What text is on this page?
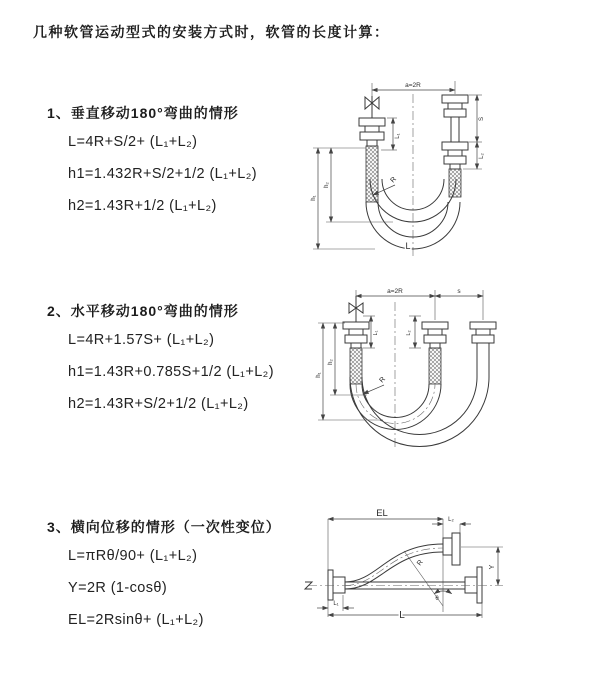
几种软管运动型式的安装方式时，软管的长度计算：
1、垂直移动180°弯曲的情形
L=4R+S/2+ (L₁+L₂)
h1=1.432R+S/2+1/2 (L₁+L₂)
h2=1.43R+1/2 (L₁+L₂)
2、水平移动180°弯曲的情形
L=4R+1.57S+ (L₁+L₂)
h1=1.43R+0.785S+1/2 (L₁+L₂)
h2=1.43R+S/2+1/2 (L₁+L₂)
3、横向位移的情形（一次性变位）
L=πRθ/90+ (L₁+L₂)
Y=2R (1-cosθ)
EL=2Rsinθ+ (L₁+L₂)
a=2R
L₁
S
L₂
h₁
h₂
R
L
a=2R	s
L₁	L₂
h₁
h₂
R
EL
L₂
Y
θ
R
L₁
L
